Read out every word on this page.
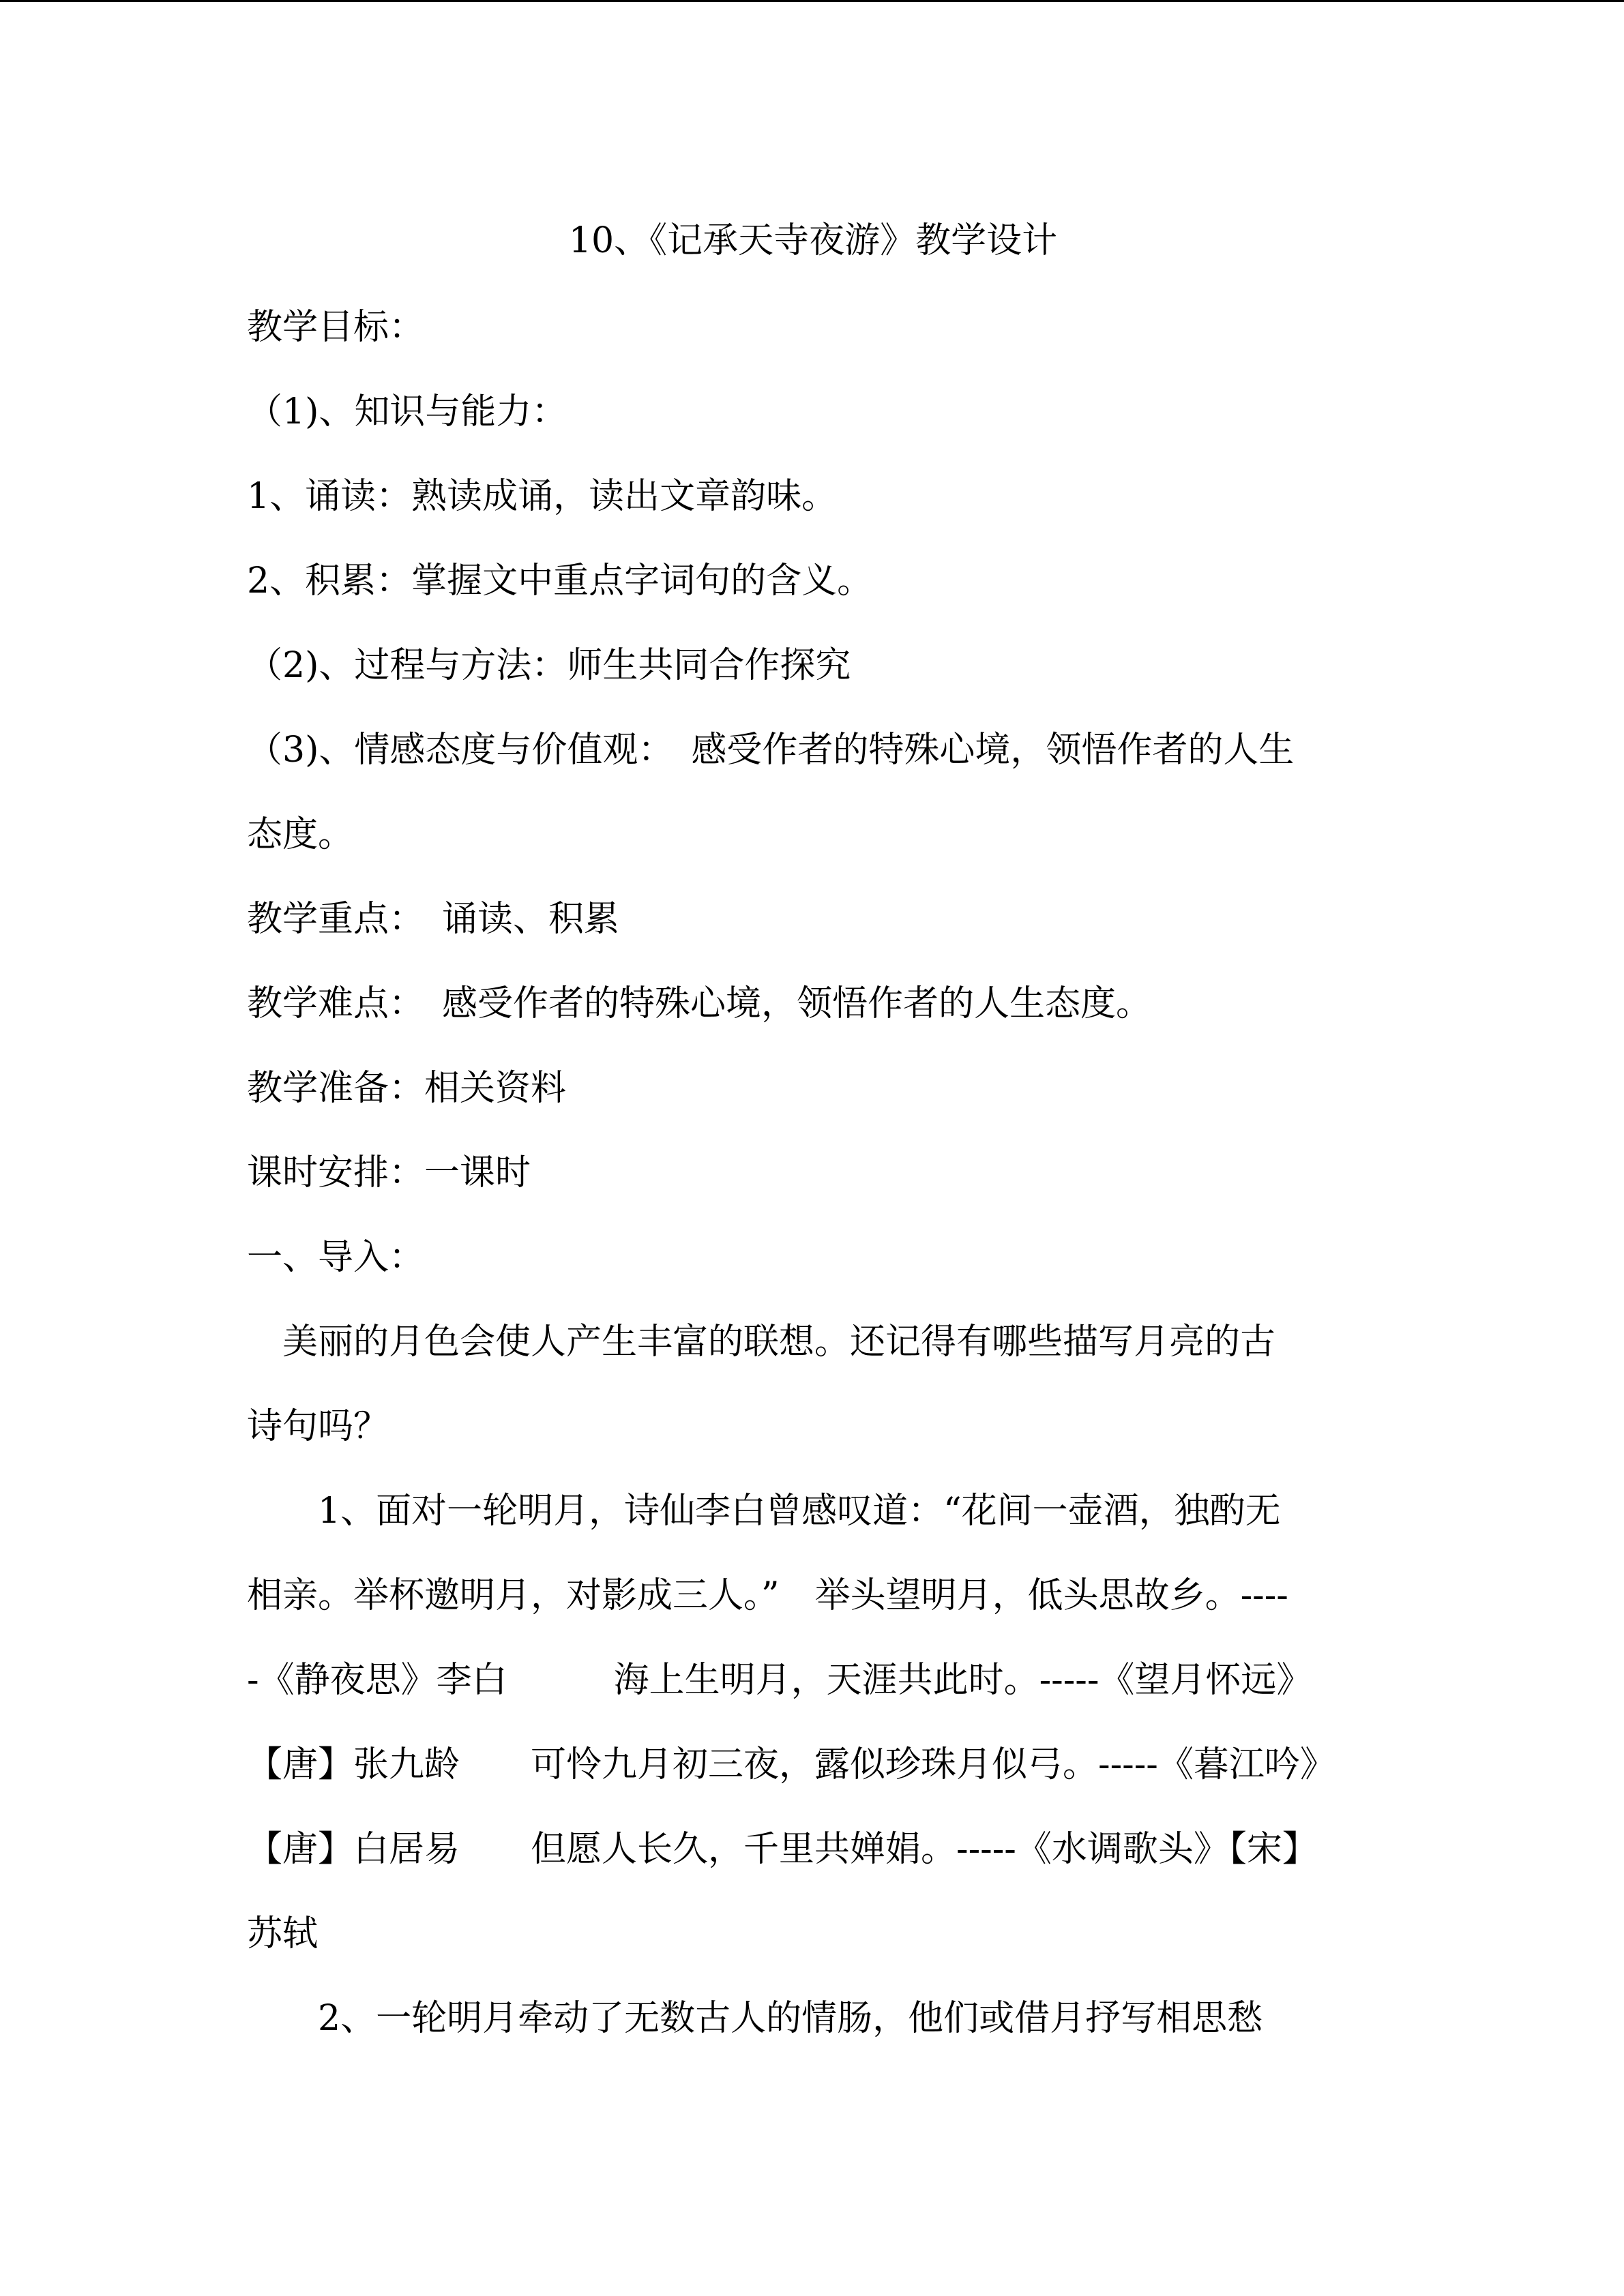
10、《记承天寺夜游》教学设计
教学目标：
（1)、知识与能力：
1、诵读：熟读成诵，读出文章韵味。
2、积累：掌握文中重点字词句的含义。
（2)、过程与方法：师生共同合作探究
（3)、情感态度与价值观：　感受作者的特殊心境，领悟作者的人生
态度。
教学重点：　诵读、积累
教学难点：　感受作者的特殊心境，领悟作者的人生态度。
教学准备：相关资料
课时安排：一课时
一、导入：
　美丽的月色会使人产生丰富的联想。还记得有哪些描写月亮的古
诗句吗？
　　1、面对一轮明月，诗仙李白曾感叹道：“花间一壶酒，独酌无
相亲。举杯邀明月，对影成三人。”　举头望明月，低头思故乡。----
-《静夜思》李白　　　海上生明月，天涯共此时。-----《望月怀远》
【唐】张九龄　　可怜九月初三夜，露似珍珠月似弓。-----《暮江吟》
【唐】白居易　　但愿人长久，千里共婵娟。-----《水调歌头》【宋】
苏轼
　　2、一轮明月牵动了无数古人的情肠，他们或借月抒写相思愁
